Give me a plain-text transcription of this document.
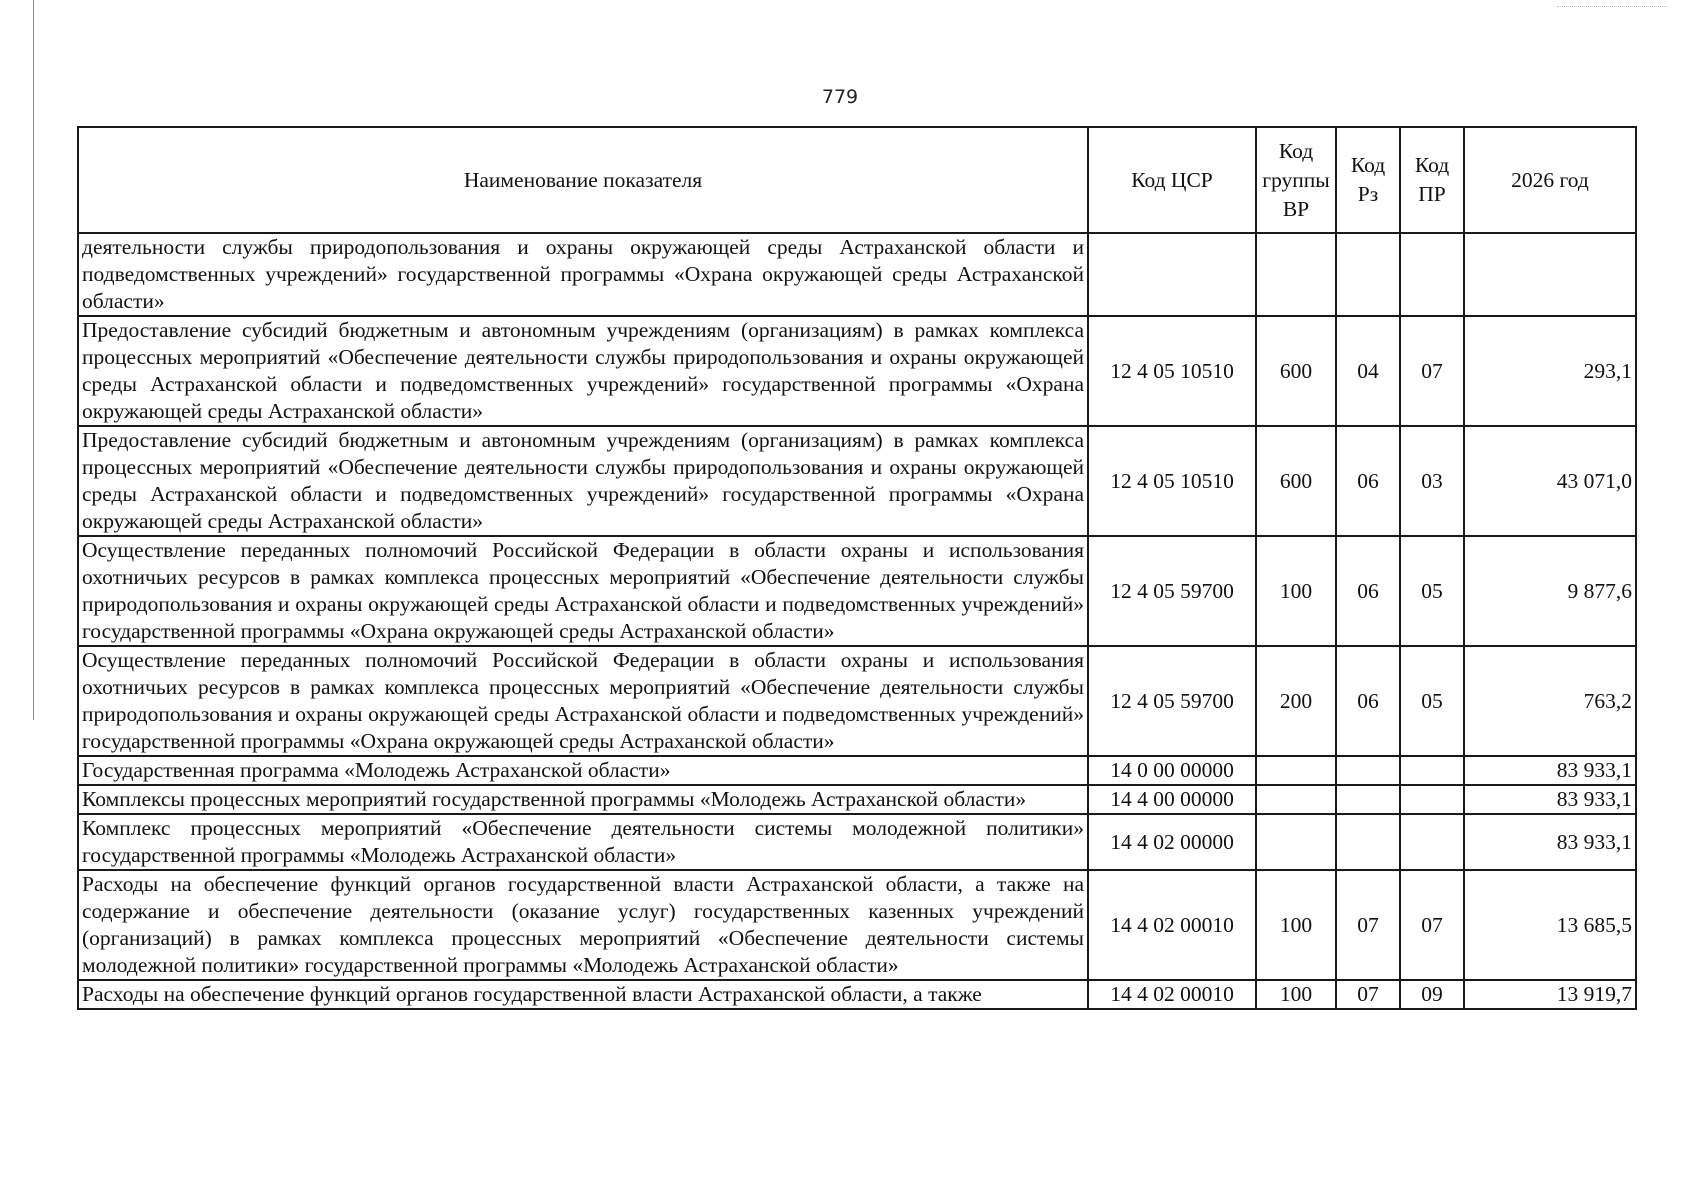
779
Наименование показателя	Код ЦСР	Код группы ВР	Код Рз	Код ПР	2026 год
деятельности службы природопользования и охраны окружающей среды Астраханской области и подведомственных учреждений» государственной программы «Охрана окружающей среды Астраханской области»					
Предоставление субсидий бюджетным и автономным учреждениям (организациям) в рамках комплекса процессных мероприятий «Обеспечение деятельности службы природопользования и охраны окружающей среды Астраханской области и подведомственных учреждений» государственной программы «Охрана окружающей среды Астраханской области»	12 4 05 10510	600	04	07	293,1
Предоставление субсидий бюджетным и автономным учреждениям (организациям) в рамках комплекса процессных мероприятий «Обеспечение деятельности службы природопользования и охраны окружающей среды Астраханской области и подведомственных учреждений» государственной программы «Охрана окружающей среды Астраханской области»	12 4 05 10510	600	06	03	43 071,0
Осуществление переданных полномочий Российской Федерации в области охраны и использования охотничьих ресурсов в рамках комплекса процессных мероприятий «Обеспечение деятельности службы природопользования и охраны окружающей среды Астраханской области и подведомственных учреждений» государственной программы «Охрана окружающей среды Астраханской области»	12 4 05 59700	100	06	05	9 877,6
Осуществление переданных полномочий Российской Федерации в области охраны и использования охотничьих ресурсов в рамках комплекса процессных мероприятий «Обеспечение деятельности службы природопользования и охраны окружающей среды Астраханской области и подведомственных учреждений» государственной программы «Охрана окружающей среды Астраханской области»	12 4 05 59700	200	06	05	763,2
Государственная программа «Молодежь Астраханской области»	14 0 00 00000				83 933,1
Комплексы процессных мероприятий государственной программы «Молодежь Астраханской области»	14 4 00 00000				83 933,1
Комплекс процессных мероприятий «Обеспечение деятельности системы молодежной политики» государственной программы «Молодежь Астраханской области»	14 4 02 00000				83 933,1
Расходы на обеспечение функций органов государственной власти Астраханской области, а также на содержание и обеспечение деятельности (оказание услуг) государственных казенных учреждений (организаций) в рамках комплекса процессных мероприятий «Обеспечение деятельности системы молодежной политики» государственной программы «Молодежь Астраханской области»	14 4 02 00010	100	07	07	13 685,5
Расходы на обеспечение функций органов государственной власти Астраханской области, а также	14 4 02 00010	100	07	09	13 919,7
